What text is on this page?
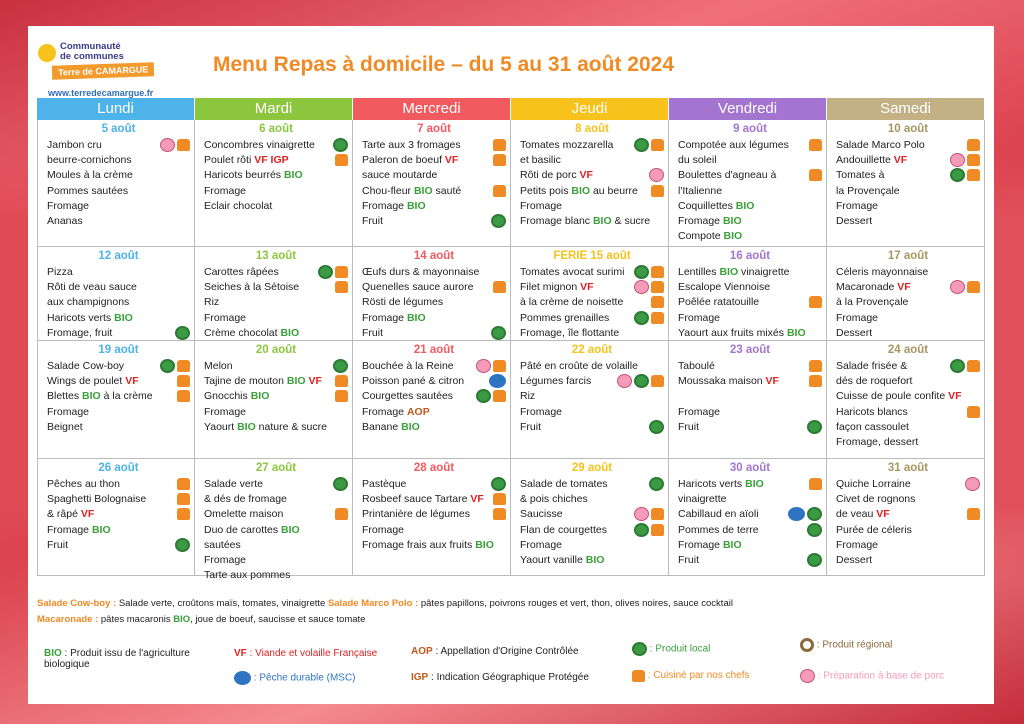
Communauté
de communes
Terre de CAMARGUE
www.terredecamargue.fr
Menu Repas à domicile – du 5 au 31 août 2024
Lundi	Mardi	Mercredi	Jeudi	Vendredi	Samedi
5 août
Jambon cru
beurre-cornichons
Moules à la crème
Pommes sautées
Fromage
Ananas
6 août
Concombres vinaigrette
Poulet rôti VF IGP
Haricots beurrés BIO
Fromage
Eclair chocolat
7 août
Tarte aux 3 fromages
Paleron de boeuf VF
sauce moutarde
Chou-fleur BIO sauté
Fromage BIO
Fruit
8 août
Tomates mozzarella
et basilic
Rôti de porc VF
Petits pois BIO au beurre
Fromage
Fromage blanc BIO & sucre
9 août
Compotée aux légumes
du soleil
Boulettes d'agneau à
l'Italienne
Coquillettes BIO
Fromage BIO
Compote BIO
10 août
Salade Marco Polo
Andouillette VF
Tomates à
la Provençale
Fromage
Dessert
12 août
Pizza
Rôti de veau sauce
aux champignons
Haricots verts BIO
Fromage, fruit
13 août
Carottes râpées
Seiches à la Sétoise
Riz
Fromage
Crème chocolat BIO
14 août
Œufs durs & mayonnaise
Quenelles sauce aurore
Rösti de légumes
Fromage BIO
Fruit
FERIE 15 août
Tomates avocat surimi
Filet mignon VF
à la crème de noisette
Pommes grenailles
Fromage, île flottante
16 août
Lentilles BIO vinaigrette
Escalope Viennoise
Poêlée ratatouille
Fromage
Yaourt aux fruits mixés BIO
17 août
Céleris mayonnaise
Macaronade VF
à la Provençale
Fromage
Dessert
19 août
Salade Cow-boy
Wings de poulet VF
Blettes BIO à la crème
Fromage
Beignet
20 août
Melon
Tajine de mouton BIO VF
Gnocchis BIO
Fromage
Yaourt BIO nature & sucre
21 août
Bouchée à la Reine
Poisson pané & citron
Courgettes sautées
Fromage AOP
Banane BIO
22 août
Pâté en croûte de volaille
Légumes farcis
Riz
Fromage
Fruit
23 août
Taboulé
Moussaka maison VF
Fromage
Fruit
24 août
Salade frisée &
dés de roquefort
Cuisse de poule confite VF
Haricots blancs
façon cassoulet
Fromage, dessert
26 août
Pêches au thon
Spaghetti Bolognaise
& râpé VF
Fromage BIO
Fruit
27 août
Salade verte
& dés de fromage
Omelette maison
Duo de carottes BIO
sautées
Fromage
Tarte aux pommes
28 août
Pastèque
Rosbeef sauce Tartare VF
Printanière de légumes
Fromage
Fromage frais aux fruits BIO
29 août
Salade de tomates
& pois chiches
Saucisse
Flan de courgettes
Fromage
Yaourt vanille BIO
30 août
Haricots verts BIO
vinaigrette
Cabillaud en aïoli
Pommes de terre
Fromage BIO
Fruit
31 août
Quiche Lorraine
Civet de rognons
de veau VF
Purée de céleris
Fromage
Dessert
Salade Cow-boy : Salade verte, croûtons maïs, tomates, vinaigrette Salade Marco Polo : pâtes papillons, poivrons rouges et vert, thon, olives noires, sauce cocktail
Macaronade : pâtes macaronis BIO, joue de boeuf, saucisse et sauce tomate
BIO : Produit issu de l'agriculture
biologique
VF : Viande et volaille Française
: Pêche durable (MSC)
AOP : Appellation d'Origine Contrôlée
IGP : Indication Géographique Protégée
: Produit local
: Cuisiné par nos chefs
: Produit régional
: Préparation à base de porc
